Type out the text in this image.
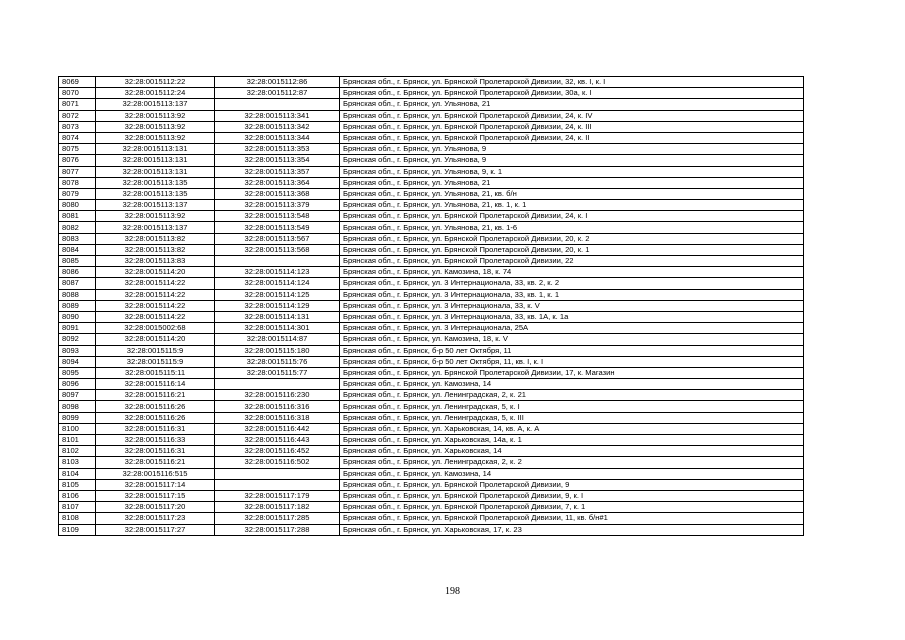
8069	32:28:0015112:22	32:28:0015112:86	Брянская обл., г. Брянск, ул. Брянской Пролетарской Дивизии, 32, кв. I, к. I
8070	32:28:0015112:24	32:28:0015112:87	Брянская обл., г. Брянск, ул. Брянской Пролетарской Дивизии, 30а, к. I
8071	32:28:0015113:137		Брянская обл., г. Брянск, ул. Ульянова, 21
8072	32:28:0015113:92	32:28:0015113:341	Брянская обл., г. Брянск, ул. Брянской Пролетарской Дивизии, 24, к. IV
8073	32:28:0015113:92	32:28:0015113:342	Брянская обл., г. Брянск, ул. Брянской Пролетарской Дивизии, 24, к. III
8074	32:28:0015113:92	32:28:0015113:344	Брянская обл., г. Брянск, ул. Брянской Пролетарской Дивизии, 24, к. II
8075	32:28:0015113:131	32:28:0015113:353	Брянская обл., г. Брянск, ул. Ульянова, 9
8076	32:28:0015113:131	32:28:0015113:354	Брянская обл., г. Брянск, ул. Ульянова, 9
8077	32:28:0015113:131	32:28:0015113:357	Брянская обл., г. Брянск, ул. Ульянова, 9, к. 1
8078	32:28:0015113:135	32:28:0015113:364	Брянская обл., г. Брянск, ул. Ульянова, 21
8079	32:28:0015113:135	32:28:0015113:368	Брянская обл., г. Брянск, ул. Ульянова, 21, кв. б/н
8080	32:28:0015113:137	32:28:0015113:379	Брянская обл., г. Брянск, ул. Ульянова, 21, кв. 1, к. 1
8081	32:28:0015113:92	32:28:0015113:548	Брянская обл., г. Брянск, ул. Брянской Пролетарской Дивизии, 24, к. I
8082	32:28:0015113:137	32:28:0015113:549	Брянская обл., г. Брянск, ул. Ульянова, 21, кв. 1-6
8083	32:28:0015113:82	32:28:0015113:567	Брянская обл., г. Брянск, ул. Брянской Пролетарской Дивизии, 20, к. 2
8084	32:28:0015113:82	32:28:0015113:568	Брянская обл., г. Брянск, ул. Брянской Пролетарской Дивизии, 20, к. 1
8085	32:28:0015113:83		Брянская обл., г. Брянск, ул. Брянской Пролетарской Дивизии, 22
8086	32:28:0015114:20	32:28:0015114:123	Брянская обл., г. Брянск, ул. Камозина, 18, к. 74
8087	32:28:0015114:22	32:28:0015114:124	Брянская обл., г. Брянск, ул. 3 Интернационала, 33, кв. 2, к. 2
8088	32:28:0015114:22	32:28:0015114:125	Брянская обл., г. Брянск, ул. 3 Интернационала, 33, кв. 1, к. 1
8089	32:28:0015114:22	32:28:0015114:129	Брянская обл., г. Брянск, ул. 3 Интернационала, 33, к. V
8090	32:28:0015114:22	32:28:0015114:131	Брянская обл., г. Брянск, ул. 3 Интернационала, 33, кв. 1А, к. 1а
8091	32:28:0015002:68	32:28:0015114:301	Брянская обл., г. Брянск, ул. 3 Интернационала, 25А
8092	32:28:0015114:20	32:28:0015114:87	Брянская обл., г. Брянск, ул. Камозина, 18, к. V
8093	32:28:0015115:9	32:28:0015115:180	Брянская обл., г. Брянск, б-р 50 лет Октября, 11
8094	32:28:0015115:9	32:28:0015115:76	Брянская обл., г. Брянск, б-р 50 лет Октября, 11, кв. I, к. I
8095	32:28:0015115:11	32:28:0015115:77	Брянская обл., г. Брянск, ул. Брянской Пролетарской Дивизии, 17, к. Магазин
8096	32:28:0015116:14		Брянская обл., г. Брянск, ул. Камозина, 14
8097	32:28:0015116:21	32:28:0015116:230	Брянская обл., г. Брянск, ул. Ленинградская, 2, к. 21
8098	32:28:0015116:26	32:28:0015116:316	Брянская обл., г. Брянск, ул. Ленинградская, 5, к. I
8099	32:28:0015116:26	32:28:0015116:318	Брянская обл., г. Брянск, ул. Ленинградская, 5, к. III
8100	32:28:0015116:31	32:28:0015116:442	Брянская обл., г. Брянск, ул. Харьковская, 14, кв. А, к. А
8101	32:28:0015116:33	32:28:0015116:443	Брянская обл., г. Брянск, ул. Харьковская, 14а, к. 1
8102	32:28:0015116:31	32:28:0015116:452	Брянская обл., г. Брянск, ул. Харьковская, 14
8103	32:28:0015116:21	32:28:0015116:502	Брянская обл., г. Брянск, ул. Ленинградская, 2, к. 2
8104	32:28:0015116:515		Брянская обл., г. Брянск, ул. Камозина, 14
8105	32:28:0015117:14		Брянская обл., г. Брянск, ул. Брянской Пролетарской Дивизии, 9
8106	32:28:0015117:15	32:28:0015117:179	Брянская обл., г. Брянск, ул. Брянской Пролетарской Дивизии, 9, к. I
8107	32:28:0015117:20	32:28:0015117:182	Брянская обл., г. Брянск, ул. Брянской Пролетарской Дивизии, 7, к. 1
8108	32:28:0015117:23	32:28:0015117:285	Брянская обл., г. Брянск, ул. Брянской Пролетарской Дивизии, 11, кв. б/н#1
8109	32:28:0015117:27	32:28:0015117:288	Брянская обл., г. Брянск, ул. Харьковская, 17, к. 23
198
